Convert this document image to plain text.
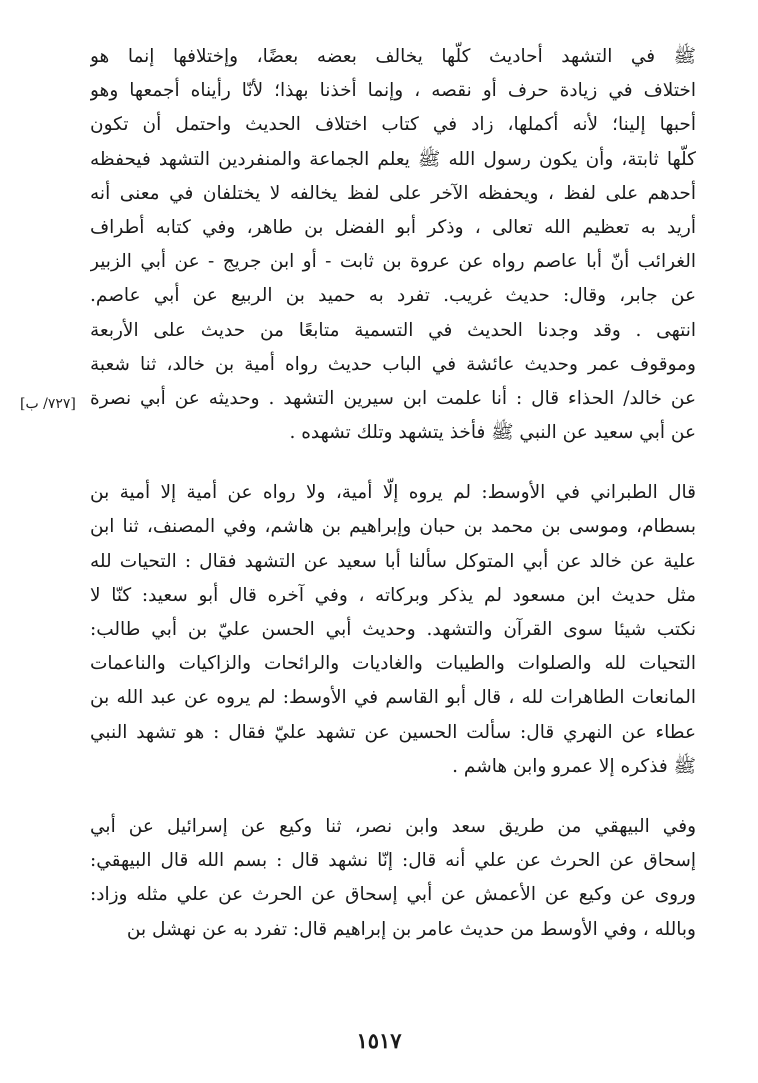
ﷺ في التشهد أحاديث كلّها يخالف بعضه بعضًا، وإختلافها إنما هو
اختلاف في زيادة حرف أو نقصه ، وإنما أخذنا بهذا؛ لأنّا رأيناه أجمعها وهو
أحبها إلينا؛ لأنه أكملها، زاد في كتاب اختلاف الحديث واحتمل أن تكون
كلّها ثابتة، وأن يكون رسول الله ﷺ يعلم الجماعة والمنفردين التشهد فيحفظه
أحدهم على لفظ ، ويحفظه الآخر على لفظ يخالفه لا يختلفان في معنى أنه
أريد به تعظيم الله تعالى ، وذكر أبو الفضل بن طاهر، وفي كتابه أطراف
الغرائب أنّ أبا عاصم رواه عن عروة بن ثابت - أو ابن جريج - عن أبي الزبير
عن جابر، وقال: حديث غريب. تفرد به حميد بن الربيع عن أبي عاصم.
انتهى . وقد وجدنا الحديث في التسمية متابعًا من حديث على الأربعة
وموقوف عمر وحديث عائشة في الباب حديث رواه أمية بن خالد، ثنا شعبة
عن خالد/ الحذاء قال : أنا علمت ابن سيرين التشهد . وحديثه عن أبي نصرة
عن أبي سعيد عن النبي ﷺ فأخذ يتشهد وتلك تشهده .
قال الطبراني في الأوسط: لم يروه إلّا أمية، ولا رواه عن أمية إلا أمية بن
بسطام، وموسى بن محمد بن حبان وإبراهيم بن هاشم، وفي المصنف، ثنا ابن
علية عن خالد عن أبي المتوكل سألنا أبا سعيد عن التشهد فقال : التحيات لله
مثل حديث ابن مسعود لم يذكر وبركاته ، وفي آخره قال أبو سعيد: كنّا لا
نكتب شيئا سوى القرآن والتشهد. وحديث أبي الحسن عليّ بن أبي طالب:
التحيات لله والصلوات والطيبات والغاديات والرائحات والزاكيات والناعمات
المانعات الطاهرات لله ، قال أبو القاسم في الأوسط: لم يروه عن عبد الله بن
عطاء عن النهري قال: سألت الحسين عن تشهد عليّ فقال : هو تشهد النبي
ﷺ فذكره إلا عمرو وابن هاشم .
وفي البيهقي من طريق سعد وابن نصر، ثنا وكيع عن إسرائيل عن أبي
إسحاق عن الحرث عن علي أنه قال: إنّا نشهد قال : بسم الله قال البيهقي:
وروى عن وكيع عن الأعمش عن أبي إسحاق عن الحرث عن علي مثله وزاد:
وبالله ، وفي الأوسط من حديث عامر بن إبراهيم قال: تفرد به عن نهشل بن
[٧٢٧/ ب]
١٥١٧
